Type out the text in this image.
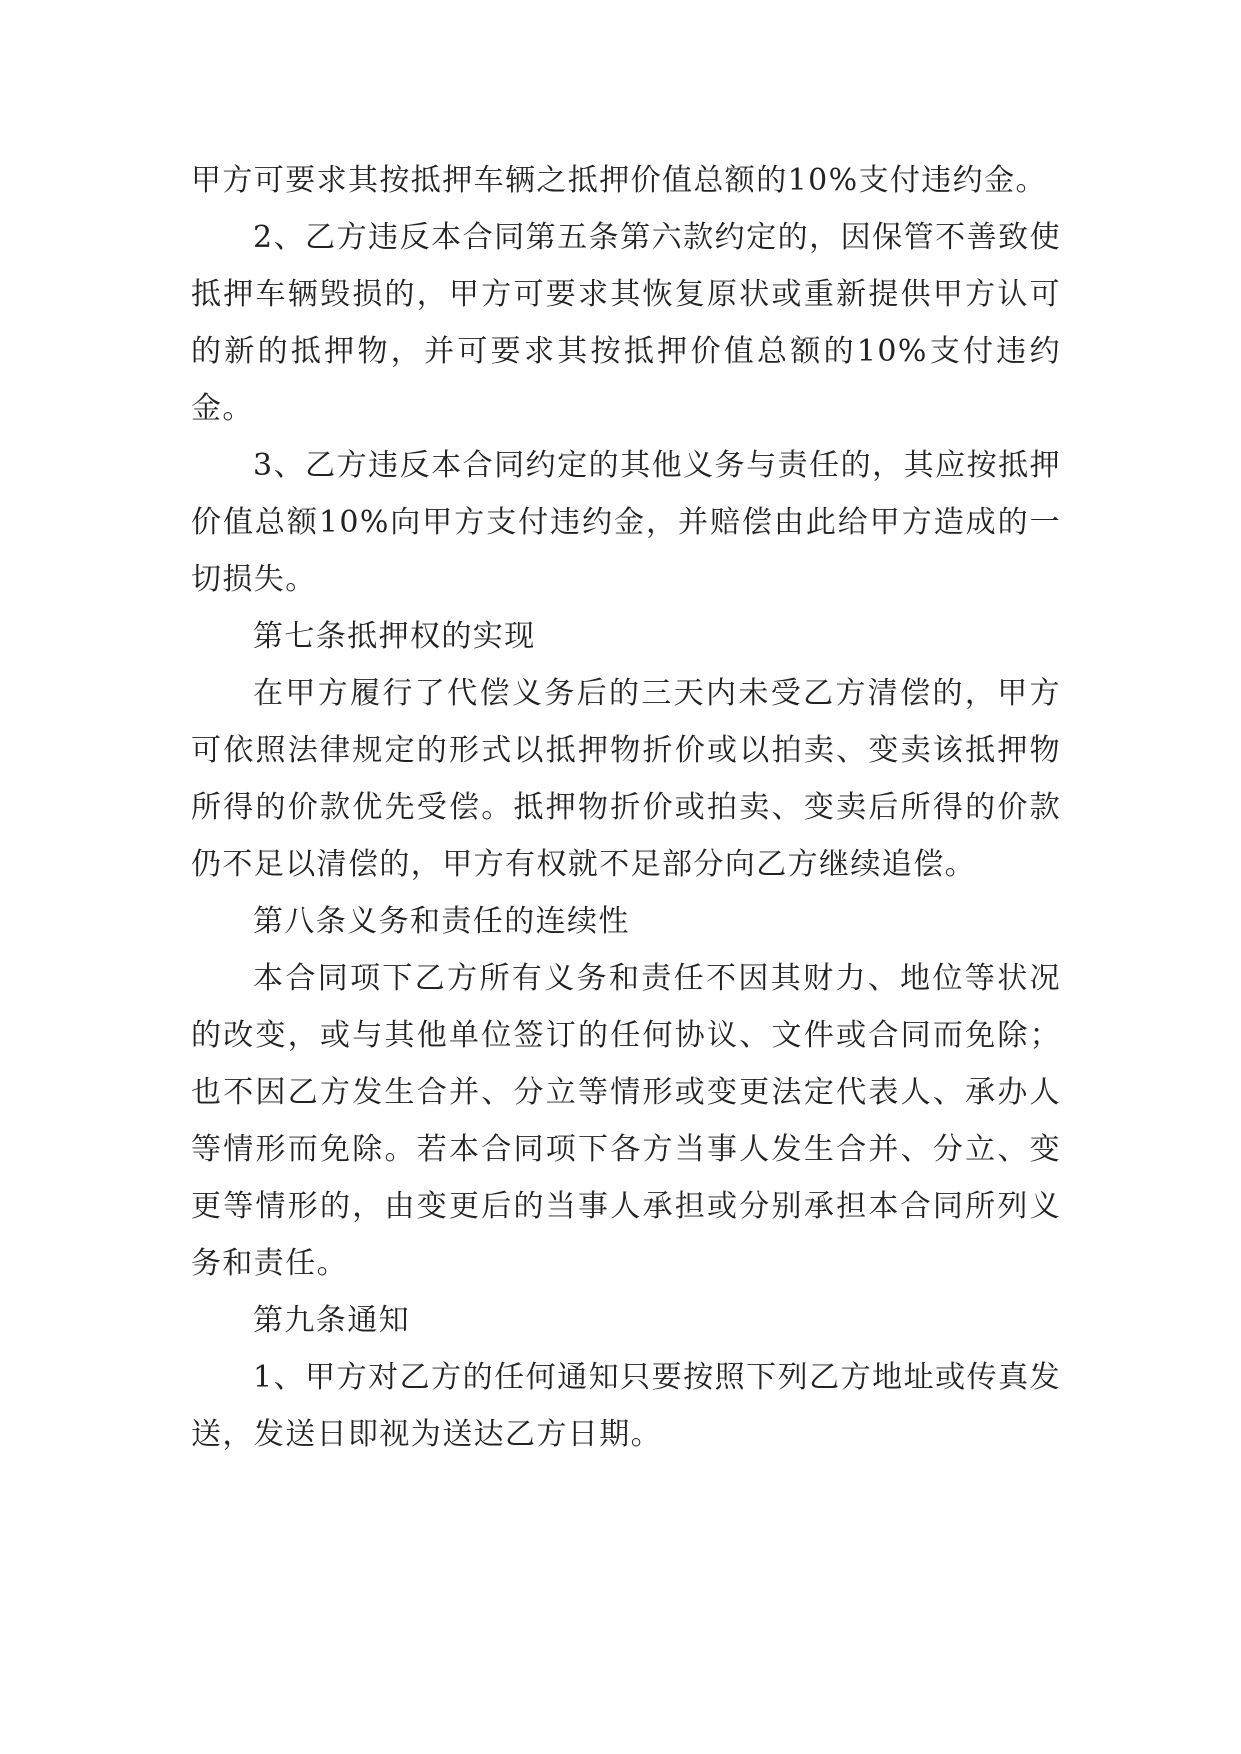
甲方可要求其按抵押车辆之抵押价值总额的10%支付违约金。

2、乙方违反本合同第五条第六款约定的，因保管不善致使抵押车辆毁损的，甲方可要求其恢复原状或重新提供甲方认可的新的抵押物，并可要求其按抵押价值总额的10%支付违约金。

3、乙方违反本合同约定的其他义务与责任的，其应按抵押价值总额10%向甲方支付违约金，并赔偿由此给甲方造成的一切损失。

第七条抵押权的实现

在甲方履行了代偿义务后的三天内未受乙方清偿的，甲方可依照法律规定的形式以抵押物折价或以拍卖、变卖该抵押物所得的价款优先受偿。抵押物折价或拍卖、变卖后所得的价款仍不足以清偿的，甲方有权就不足部分向乙方继续追偿。

第八条义务和责任的连续性

本合同项下乙方所有义务和责任不因其财力、地位等状况的改变，或与其他单位签订的任何协议、文件或合同而免除；也不因乙方发生合并、分立等情形或变更法定代表人、承办人等情形而免除。若本合同项下各方当事人发生合并、分立、变更等情形的，由变更后的当事人承担或分别承担本合同所列义务和责任。

第九条通知

1、甲方对乙方的任何通知只要按照下列乙方地址或传真发送，发送日即视为送达乙方日期。
